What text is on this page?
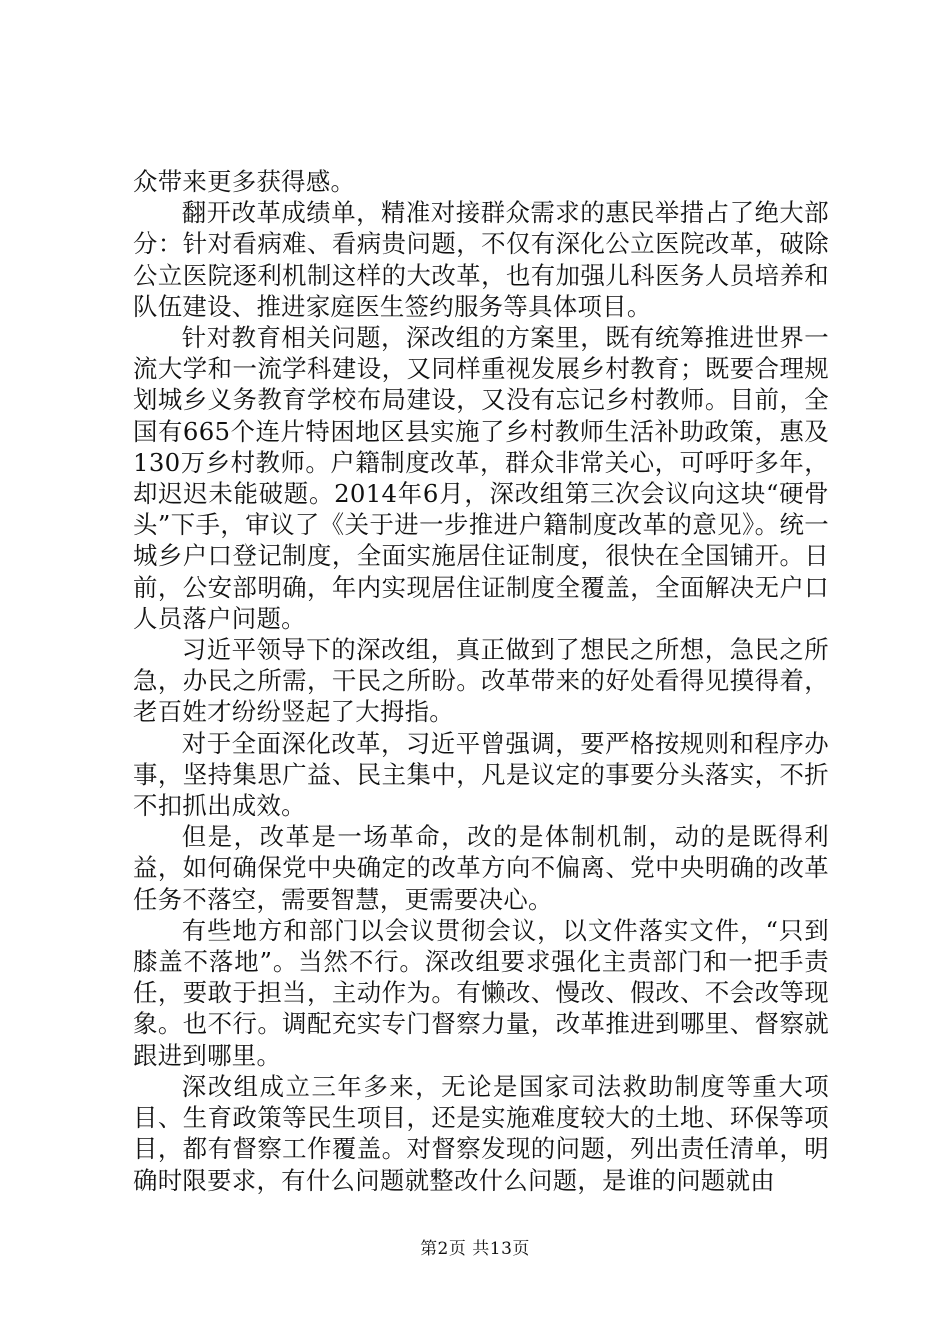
众带来更多获得感。

翻开改革成绩单，精准对接群众需求的惠民举措占了绝大部分：针对看病难、看病贵问题，不仅有深化公立医院改革，破除公立医院逐利机制这样的大改革，也有加强儿科医务人员培养和队伍建设、推进家庭医生签约服务等具体项目。

针对教育相关问题，深改组的方案里，既有统筹推进世界一流大学和一流学科建设，又同样重视发展乡村教育；既要合理规划城乡义务教育学校布局建设，又没有忘记乡村教师。目前，全国有665个连片特困地区县实施了乡村教师生活补助政策，惠及130万乡村教师。户籍制度改革，群众非常关心，可呼吁多年，却迟迟未能破题。2014年6月，深改组第三次会议向这块“硬骨头”下手，审议了《关于进一步推进户籍制度改革的意见》。统一城乡户口登记制度，全面实施居住证制度，很快在全国铺开。日前，公安部明确，年内实现居住证制度全覆盖，全面解决无户口人员落户问题。

习近平领导下的深改组，真正做到了想民之所想，急民之所急，办民之所需，干民之所盼。改革带来的好处看得见摸得着，老百姓才纷纷竖起了大拇指。

对于全面深化改革，习近平曾强调，要严格按规则和程序办事，坚持集思广益、民主集中，凡是议定的事要分头落实，不折不扣抓出成效。

但是，改革是一场革命，改的是体制机制，动的是既得利益，如何确保党中央确定的改革方向不偏离、党中央明确的改革任务不落空，需要智慧，更需要决心。

有些地方和部门以会议贯彻会议，以文件落实文件，“只到膝盖不落地”。当然不行。深改组要求强化主责部门和一把手责任，要敢于担当，主动作为。有懒改、慢改、假改、不会改等现象。也不行。调配充实专门督察力量，改革推进到哪里、督察就跟进到哪里。

深改组成立三年多来，无论是国家司法救助制度等重大项目、生育政策等民生项目，还是实施难度较大的土地、环保等项目，都有督察工作覆盖。对督察发现的问题，列出责任清单，明确时限要求，有什么问题就整改什么问题，是谁的问题就由

第2页 共13页
